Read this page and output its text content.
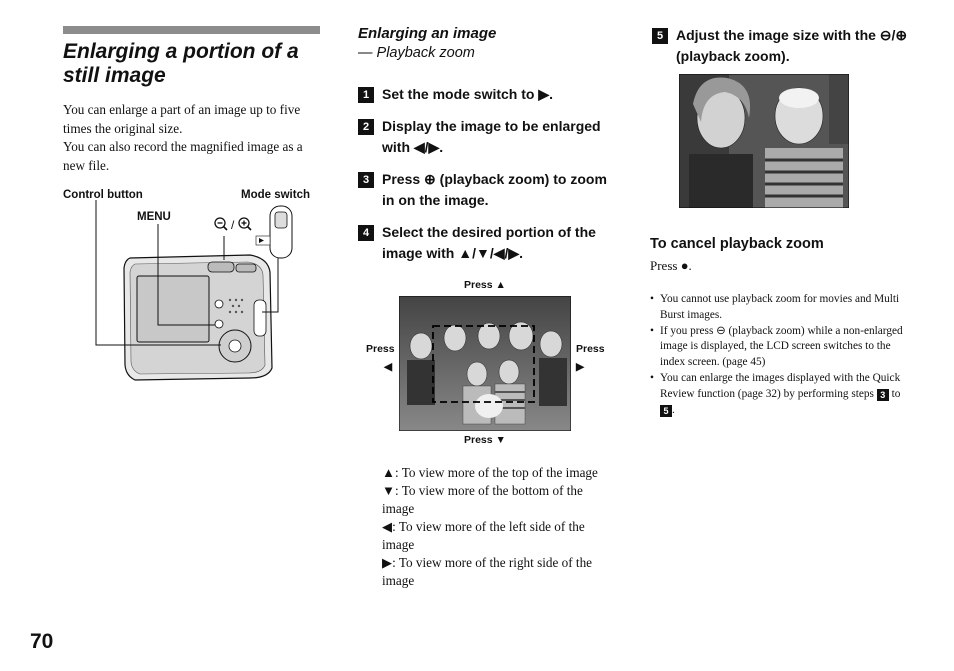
Enlarging a portion of a still image

You can enlarge a part of an image up to five times the original size.

You can also record the magnified image as a new file.

Control button	Mode switch
MENU
/
Enlarging an image
— Playback zoom
1 Set the mode switch to ▶.
2 Display the image to be enlarged with ◀/▶.
3 Press ⊕ (playback zoom) to zoom in on the image.
4 Select the desired portion of the image with ▲/▼/◀/▶.
Press ▲
Press ▼
Press
◀
Press
▶
▲: To view more of the top of the image
▼: To view more of the bottom of the image
◀: To view more of the left side of the image
▶: To view more of the right side of the image
5 Adjust the image size with the ⊖/⊕ (playback zoom).
To cancel playback zoom
Press ●.
• You cannot use playback zoom for movies and Multi Burst images.
• If you press ⊖ (playback zoom) while a non-enlarged image is displayed, the LCD screen switches to the index screen. (page 45)
• You can enlarge the images displayed with the Quick Review function (page 32) by performing steps 3 to 5 .
70
